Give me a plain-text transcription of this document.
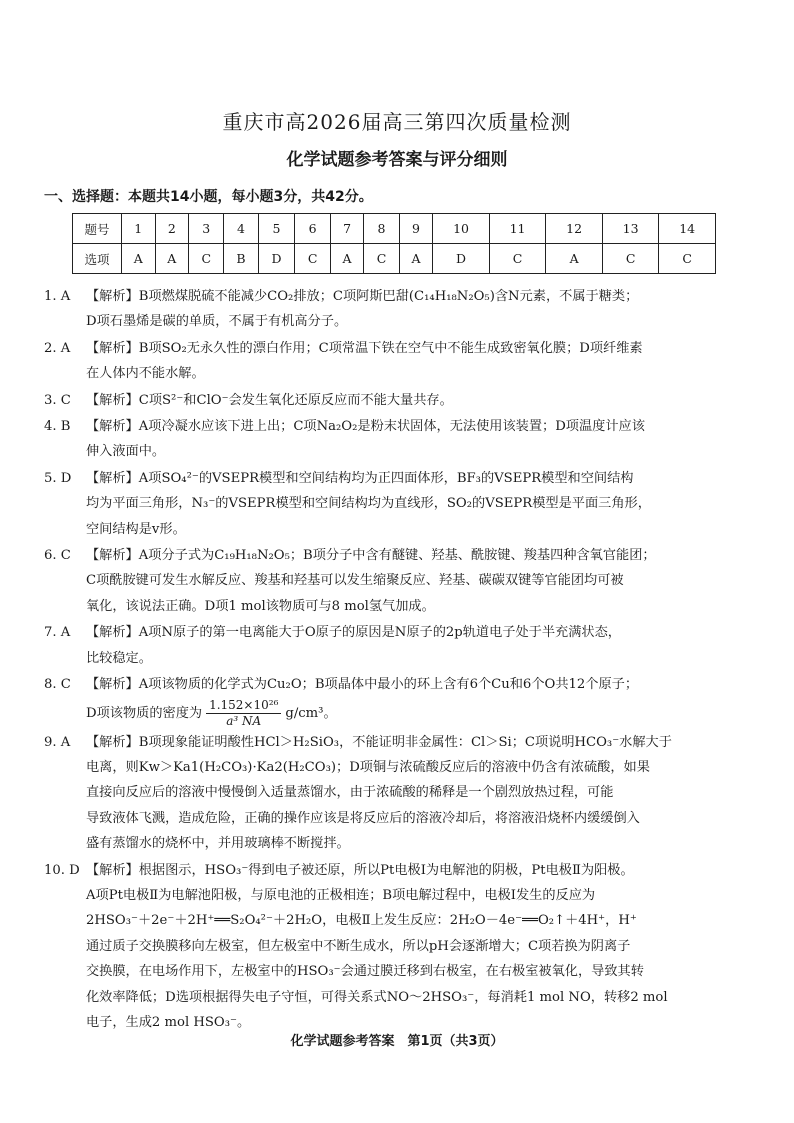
重庆市高2026届高三第四次质量检测
化学试题参考答案与评分细则
一、选择题：本题共14小题，每小题3分，共42分。
题号	1	2	3	4	5	6	7	8	9	10	11	12	13	14
选项	A	A	C	B	D	C	A	C	A	D	C	A	C	C
1. A	【解析】B项燃煤脱硫不能减少CO₂排放；C项阿斯巴甜(C₁₄H₁₈N₂O₅)含N元素，不属于糖类；

D项石墨烯是碳的单质，不属于有机高分子。

2. A	【解析】B项SO₂无永久性的漂白作用；C项常温下铁在空气中不能生成致密氧化膜；D项纤维素

在人体内不能水解。

3. C	【解析】C项S²⁻和ClO⁻会发生氧化还原反应而不能大量共存。

4. B	【解析】A项冷凝水应该下进上出；C项Na₂O₂是粉末状固体，无法使用该装置；D项温度计应该

伸入液面中。

5. D	【解析】A项SO₄²⁻的VSEPR模型和空间结构均为正四面体形，BF₃的VSEPR模型和空间结构

均为平面三角形，N₃⁻的VSEPR模型和空间结构均为直线形，SO₂的VSEPR模型是平面三角形，

空间结构是v形。

6. C	【解析】A项分子式为C₁₉H₁₈N₂O₅；B项分子中含有醚键、羟基、酰胺键、羧基四种含氧官能团；

C项酰胺键可发生水解反应、羧基和羟基可以发生缩聚反应、羟基、碳碳双键等官能团均可被

氧化，该说法正确。D项1 mol该物质可与8 mol氢气加成。

7. A	【解析】A项N原子的第一电离能大于O原子的原因是N原子的2p轨道电子处于半充满状态，

比较稳定。

8. C	【解析】A项该物质的化学式为Cu₂O；B项晶体中最小的环上含有6个Cu和6个O共12个原子；

D项该物质的密度为 $\frac{\text{1.152×10²⁶}}{\text{a³ NA}} g/cm^3$。

9. A	【解析】B项现象能证明酸性HCl＞H₂SiO₃，不能证明非金属性：Cl＞Si；C项说明HCO₃⁻水解大于

电离，则Kw＞Ka1(H₂CO₃)·Ka2(H₂CO₃)；D项铜与浓硫酸反应后的溶液中仍含有浓硫酸，如果

直接向反应后的溶液中慢慢倒入适量蒸馏水，由于浓硫酸的稀释是一个剧烈放热过程，可能

导致液体飞溅，造成危险，正确的操作应该是将反应后的溶液冷却后，将溶液沿烧杯内缓缓倒入

盛有蒸馏水的烧杯中，并用玻璃棒不断搅拌。

10. D 【解析】根据图示，HSO₃⁻得到电子被还原，所以Pt电极Ⅰ为电解池的阴极，Pt电极Ⅱ为阳极。

A项Pt电极Ⅱ为电解池阳极，与原电池的正极相连；B项电解过程中，电极Ⅰ发生的反应为

2HSO₃⁻＋2e⁻＋2H⁺══S₂O₄²⁻＋2H₂O，电极Ⅱ上发生反应：2H₂O－4e⁻══O₂↑＋4H⁺，H⁺

通过质子交换膜移向左极室，但左极室中不断生成水，所以pH会逐渐增大；C项若换为阴离子

交换膜，在电场作用下，左极室中的HSO₃⁻会通过膜迁移到右极室，在右极室被氧化，导致其转

化效率降低；D选项根据得失电子守恒，可得关系式NO～2HSO₃⁻，每消耗1 mol NO，转移2 mol

电子，生成2 mol HSO₃⁻。

化学试题参考答案　第1页（共3页）
